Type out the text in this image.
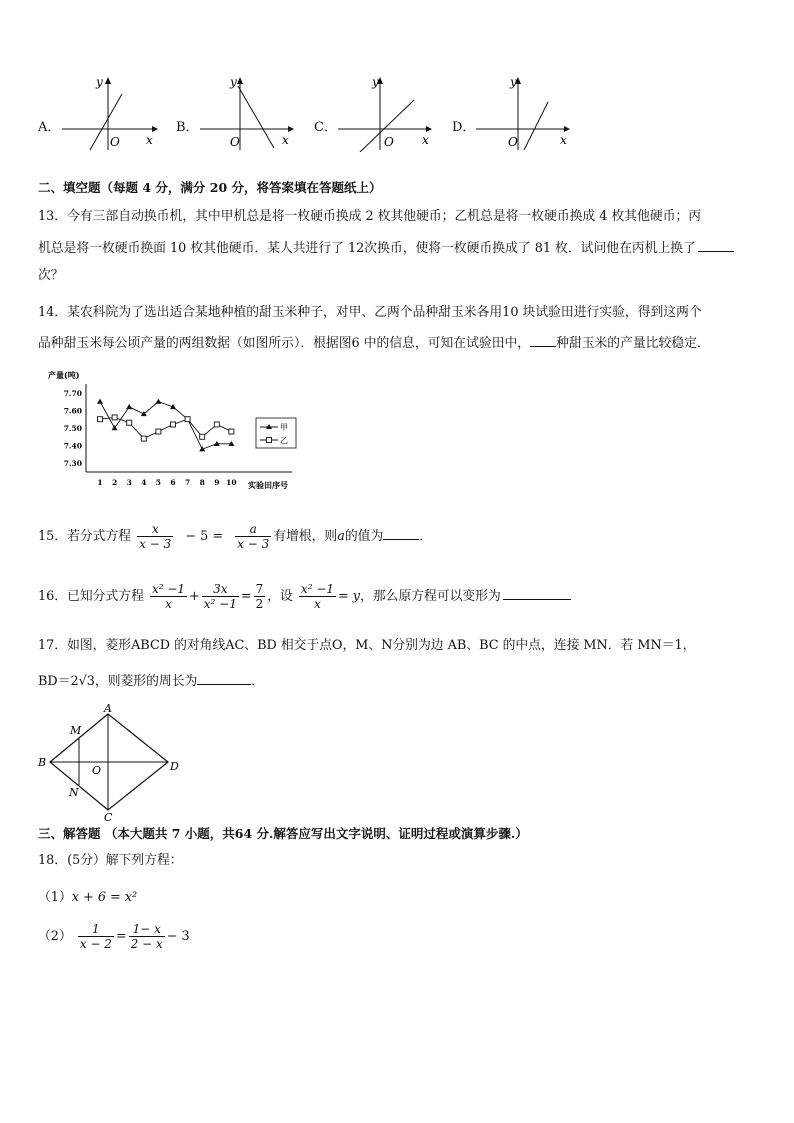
A．
y
x
O
B．
y
x
O
C．
y
x
O
D．
y
x
O
二、填空题（每题 4 分，满分 20 分，将答案填在答题纸上）
13．今有三部自动换币机，其中甲机总是将一枚硬币换成 2 枚其他硬币；乙机总是将一枚硬币换成 4 枚其他硬币；丙
机总是将一枚硬币换面 10 枚其他硬币．某人共进行了 12次换币，使将一枚硬币换成了 81 枚．试问他在丙机上换了
次？
14．某农科院为了选出适合某地种植的甜玉米种子，对甲、乙两个品种甜玉米各用10 块试验田进行实验，得到这两个
品种甜玉米每公顷产量的两组数据（如图所示）．根据图6 中的信息，可知在试验田中， 种甜玉米的产量比较稳定．
产量(吨)
实验田序号
7.70
7.60
7.50
7.40
7.30
1 2 3 4 5 6 7 8 9 10
甲
乙
15．若分式方程 $\frac{x}{x - 3} - 5 = \frac{a}{x - 3}$ 有增根，则a的值为	．
16．已知分式方程 $\frac{\text{x² −1}}{x} + \frac{3x}{\text{x² −1}} = \frac{7}{2}$ ，设 $\frac{\text{x² −1}}{x} = y$，那么原方程可以变形为
17．如图，菱形ABCD 的对角线AC、BD 相交于点O，M、N分别为边 AB、BC 的中点，连接 MN．若 MN＝1，
BD＝2√3，则菱形的周长为	．
A
B
C
D
M
N
O
三、解答题 （本大题共 7 小题，共64 分.解答应写出文字说明、证明过程或演算步骤.）
18．(5分）解下列方程：
（1）x + 6 = x²
$(2) \frac{1}{x - 2} = \frac{1- x}{2 - x} - 3$
